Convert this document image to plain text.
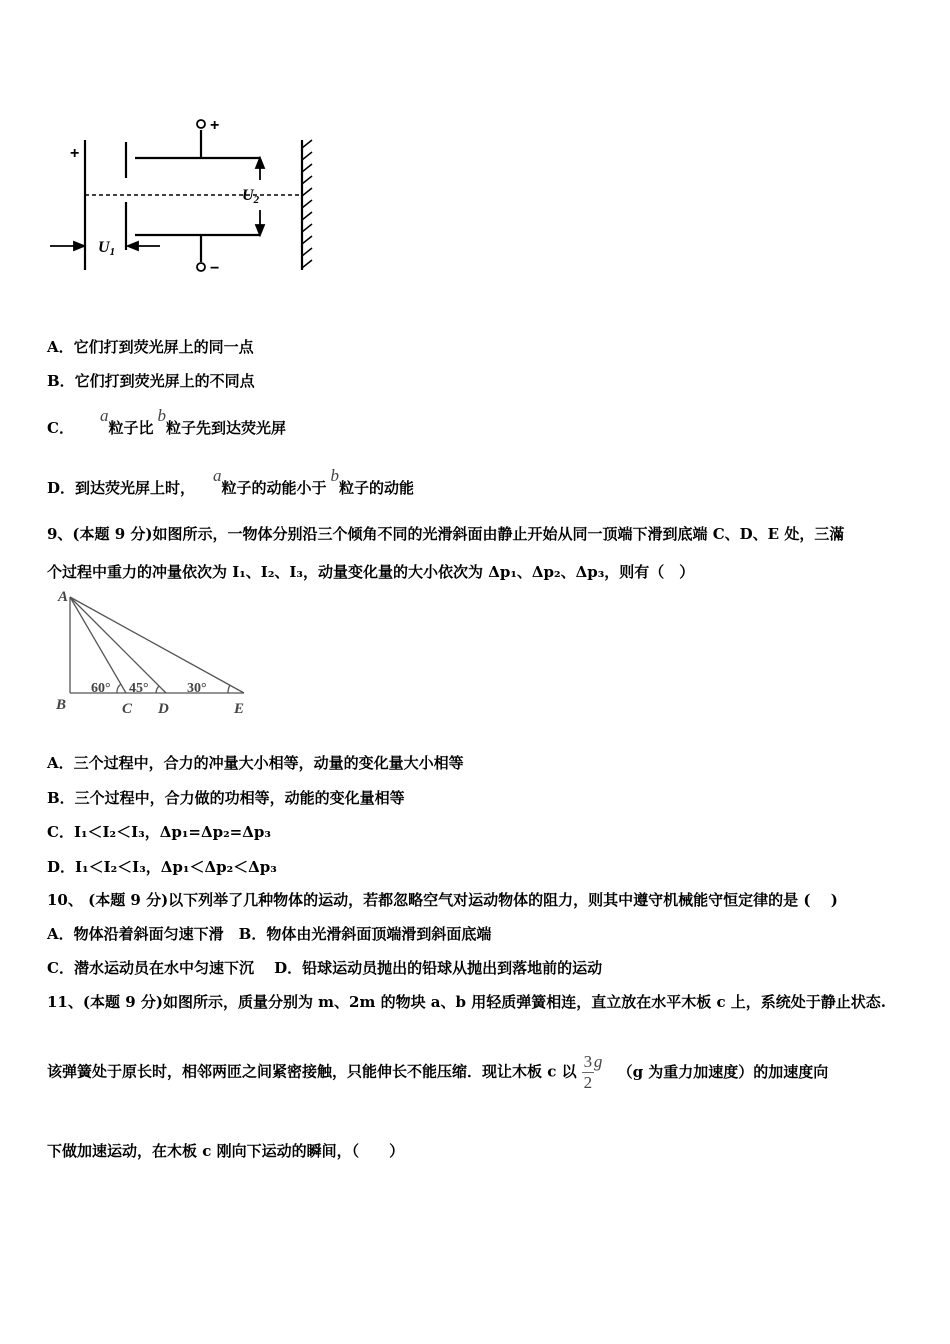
+
−
+
U1
U2
A．它们打到荧光屏上的同一点
B．它们打到荧光屏上的不同点
C．a粒子比b粒子先到达荧光屏
D．到达荧光屏上时，a粒子的动能小于b粒子的动能
9、(本题 9 分)如图所示，一物体分别沿三个倾角不同的光滑斜面由静止开始从同一顶端下滑到底端 C、D、E 处，三滿
个过程中重力的冲量依次为 I₁、I₂、I₃，动量变化量的大小依次为 Δp₁、Δp₂、Δp₃，则有（　）
A
B	C D	E
60° 45°	30°
A．三个过程中，合力的冲量大小相等，动量的变化量大小相等
B．三个过程中，合力做的功相等，动能的变化量相等
C．I₁＜I₂＜I₃，Δp₁=Δp₂=Δp₃
D．I₁＜I₂＜I₃，Δp₁＜Δp₂＜Δp₃
10、 (本题 9 分)以下列举了几种物体的运动，若都忽略空气对运动物体的阻力，则其中遵守机械能守恒定律的是 (　 )
A．物体沿着斜面匀速下滑　B．物体由光滑斜面顶端滑到斜面底端
C．潜水运动员在水中匀速下沉　 D．铅球运动员抛出的铅球从抛出到落地前的运动
11、(本题 9 分)如图所示，质量分别为 m、2m 的物块 a、b 用轻质弹簧相连，直立放在水平木板 c 上，系统处于静止状态.
该弹簧处于原长时，相邻两匝之间紧密接触，只能伸长不能压缩．现让木板 c 以 $\frac{3}{2}g$ （g 为重力加速度）的加速度向
下做加速运动，在木板 c 刚向下运动的瞬间，（　　）
